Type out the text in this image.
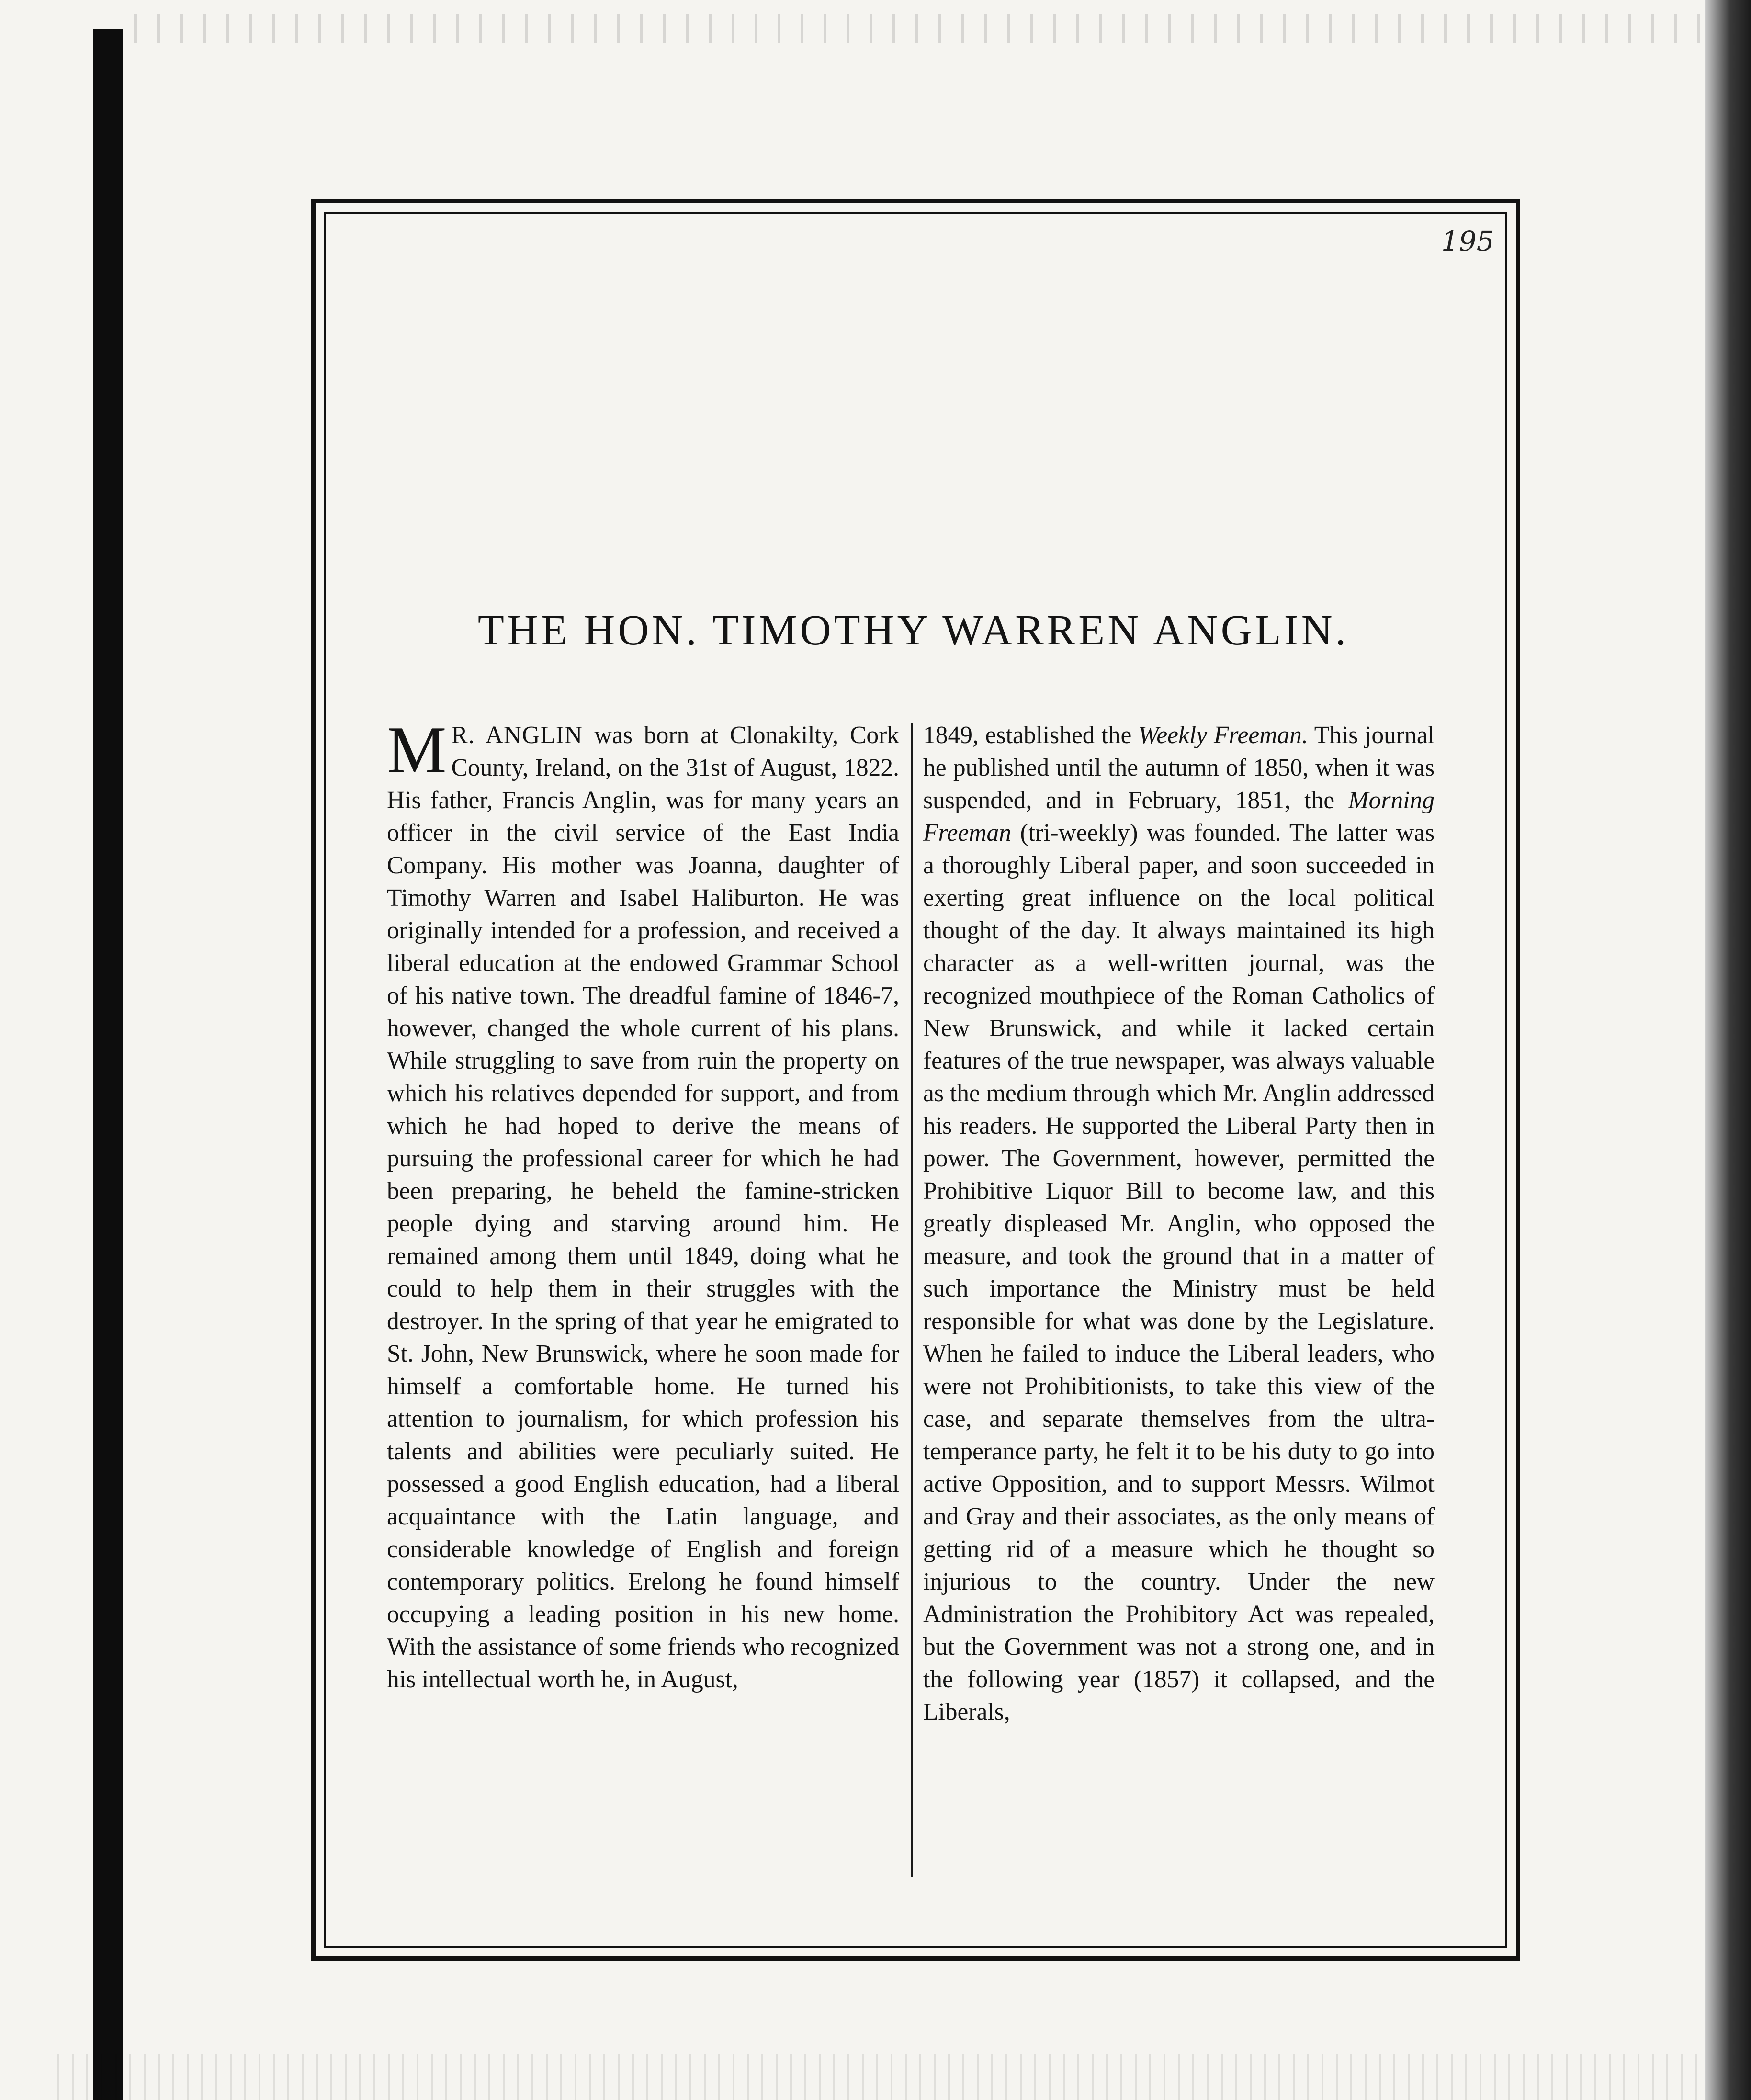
195
THE HON. TIMOTHY WARREN ANGLIN.

M R. ANGLIN was born at Clonakilty, Cork County, Ireland, on the 31st of August, 1822. His father, Francis Anglin, was for many years an officer in the civil service of the East India Company. His mother was Joanna, daughter of Timothy Warren and Isabel Haliburton. He was originally intended for a profession, and received a liberal education at the endowed Grammar School of his native town. The dreadful famine of 1846-7, however, changed the whole current of his plans. While struggling to save from ruin the property on which his relatives depended for support, and from which he had hoped to derive the means of pursuing the professional career for which he had been preparing, he beheld the famine-stricken people dying and starving around him. He remained among them until 1849, doing what he could to help them in their struggles with the destroyer. In the spring of that year he emigrated to St. John, New Brunswick, where he soon made for himself a comfortable home. He turned his attention to journalism, for which profession his talents and abilities were peculiarly suited. He possessed a good English education, had a liberal acquaintance with the Latin language, and considerable knowledge of English and foreign contemporary politics. Erelong he found himself occupying a leading position in his new home. With the assistance of some friends who recognized his intellectual worth he, in August,

1849, established the Weekly Freeman. This journal he published until the autumn of 1850, when it was suspended, and in February, 1851, the Morning Freeman (tri-weekly) was founded. The latter was a thoroughly Liberal paper, and soon succeeded in exerting great influence on the local political thought of the day. It always maintained its high character as a well-written journal, was the recognized mouthpiece of the Roman Catholics of New Brunswick, and while it lacked certain features of the true newspaper, was always valuable as the medium through which Mr. Anglin addressed his readers. He supported the Liberal Party then in power. The Government, however, permitted the Prohibitive Liquor Bill to become law, and this greatly displeased Mr. Anglin, who opposed the measure, and took the ground that in a matter of such importance the Ministry must be held responsible for what was done by the Legislature. When he failed to induce the Liberal leaders, who were not Prohibitionists, to take this view of the case, and separate themselves from the ultra-temperance party, he felt it to be his duty to go into active Opposition, and to support Messrs. Wilmot and Gray and their associates, as the only means of getting rid of a measure which he thought so injurious to the country. Under the new Administration the Prohibitory Act was repealed, but the Government was not a strong one, and in the following year (1857) it collapsed, and the Liberals,
